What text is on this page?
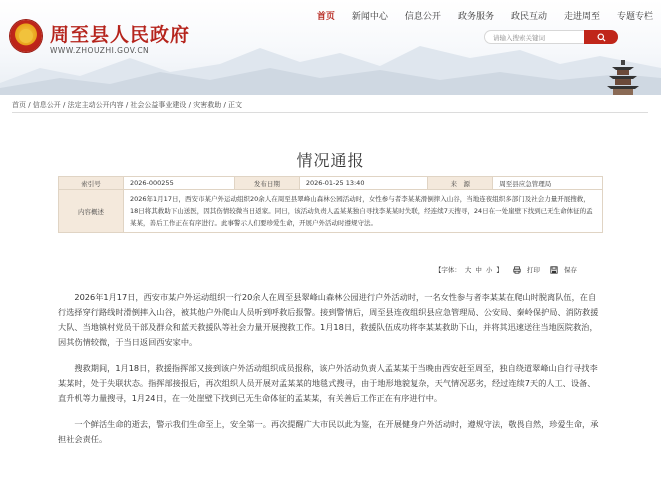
周至县人民政府
WWW.ZHOUZHI.GOV.CN
首页 新闻中心 信息公开 政务服务 政民互动 走进周至 专题专栏
请输入搜索关键词
首页 / 信息公开 / 法定主动公开内容 / 社会公益事业建设 / 灾害救助 / 正文
情况通报
索引号	2026-000255	发布日期	2026-01-25 13:40	来　源	周至县应急管理局
内容概述	2026年1月17日，西安市某户外运动组织20余人在周至县翠峰山森林公园活动时，女性参与者李某某滑倒摔入山谷，当地连夜组织多部门及社会力量开展搜救，18日将其救助下山送医，因其伤情较微当日返家。同日，该活动负责人孟某某独自寻找李某某时失联，经连续7天搜寻，24日在一处崖壁下找到已无生命体征的孟某某，善后工作正在有序进行。此事警示人们要珍爱生命，开展户外活动时遵规守法。				
【字体： 大 中 小 】	打印	保存

2026年1月17日，西安市某户外运动组织一行20余人在周至县翠峰山森林公园进行户外活动时，一名女性参与者李某某在爬山时脱离队伍，在自行选择穿行路线时滑倒摔入山谷，被其他户外爬山人员听到呼救后报警。接到警情后，周至县连夜组织县应急管理局、公安局、秦岭保护局、消防救援大队、当地镇村党员干部及群众和蓝天救援队等社会力量开展搜救工作。1月18日，救援队伍成功将李某某救助下山，并将其迅速送往当地医院救治，因其伤情较微，于当日返回西安家中。

搜救期间，1月18日，救援指挥部又接到该户外活动组织成员报称，该户外活动负责人孟某某于当晚由西安赶至周至，独自绕道翠峰山自行寻找李某某时，处于失联状态。指挥部接报后，再次组织人员开展对孟某某的地毯式搜寻，由于地形地貌复杂，天气情况恶劣，经过连续7天的人工、设备、直升机等力量搜寻，1月24日，在一处崖壁下找到已无生命体征的孟某某，有关善后工作正在有序进行中。

一个鲜活生命的逝去，警示我们生命至上，安全第一。再次提醒广大市民以此为鉴，在开展健身户外活动时，遵规守法，敬畏自然，珍爱生命，承担社会责任。
